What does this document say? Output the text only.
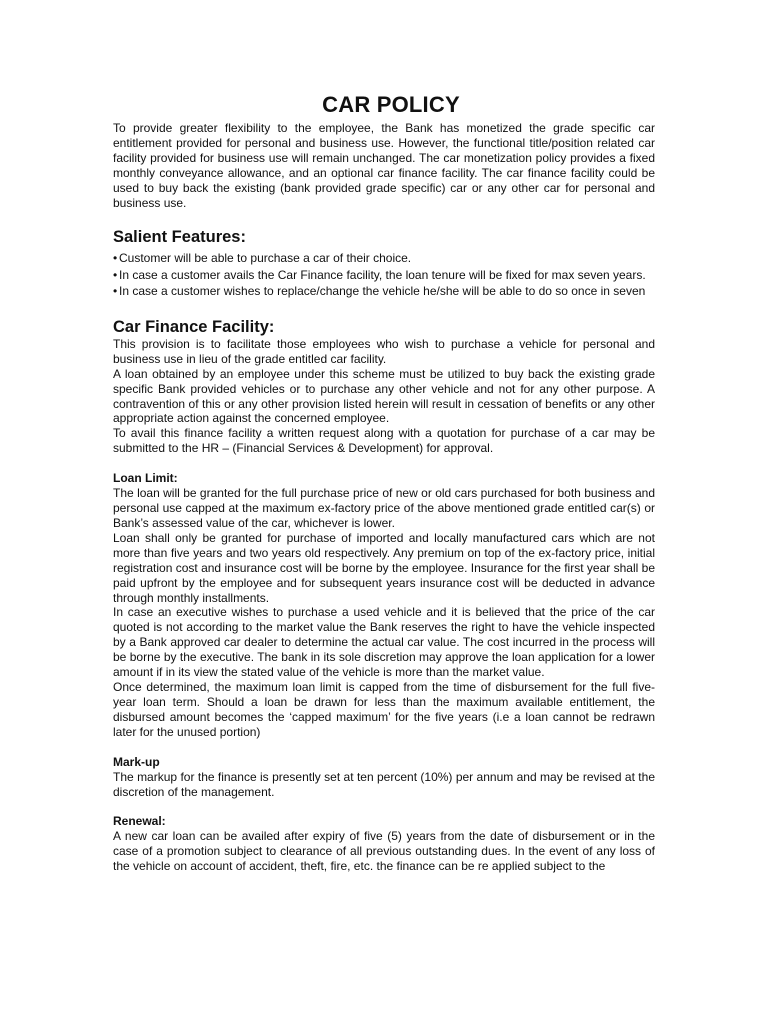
CAR POLICY

To provide greater flexibility to the employee, the Bank has monetized the grade specific car entitlement provided for personal and business use. However, the functional title/position related car facility provided for business use will remain unchanged. The car monetization policy provides a fixed monthly conveyance allowance, and an optional car finance facility. The car finance facility could be used to buy back the existing (bank provided grade specific) car or any other car for personal and business use.

Salient Features:

• Customer will be able to purchase a car of their choice.

• In case a customer avails the Car Finance facility, the loan tenure will be fixed for max seven years.

• In case a customer wishes to replace/change the vehicle he/she will be able to do so once in seven

Car Finance Facility:

This provision is to facilitate those employees who wish to purchase a vehicle for personal and business use in lieu of the grade entitled car facility.

A loan obtained by an employee under this scheme must be utilized to buy back the existing grade specific Bank provided vehicles or to purchase any other vehicle and not for any other purpose. A contravention of this or any other provision listed herein will result in cessation of benefits or any other appropriate action against the concerned employee.

To avail this finance facility a written request along with a quotation for purchase of a car may be submitted to the HR – (Financial Services & Development) for approval.

Loan Limit:

The loan will be granted for the full purchase price of new or old cars purchased for both business and personal use capped at the maximum ex-factory price of the above mentioned grade entitled car(s) or Bank’s assessed value of the car, whichever is lower.

Loan shall only be granted for purchase of imported and locally manufactured cars which are not more than five years and two years old respectively. Any premium on top of the ex-factory price, initial registration cost and insurance cost will be borne by the employee. Insurance for the first year shall be paid upfront by the employee and for subsequent years insurance cost will be deducted in advance through monthly installments.

In case an executive wishes to purchase a used vehicle and it is believed that the price of the car quoted is not according to the market value the Bank reserves the right to have the vehicle inspected by a Bank approved car dealer to determine the actual car value. The cost incurred in the process will be borne by the executive. The bank in its sole discretion may approve the loan application for a lower amount if in its view the stated value of the vehicle is more than the market value.

Once determined, the maximum loan limit is capped from the time of disbursement for the full five-year loan term. Should a loan be drawn for less than the maximum available entitlement, the disbursed amount becomes the ‘capped maximum’ for the five years (i.e a loan cannot be redrawn later for the unused portion)

Mark-up

The markup for the finance is presently set at ten percent (10%) per annum and may be revised at the discretion of the management.

Renewal:

A new car loan can be availed after expiry of five (5) years from the date of disbursement or in the case of a promotion subject to clearance of all previous outstanding dues. In the event of any loss of the vehicle on account of accident, theft, fire, etc. the finance can be re applied subject to the
